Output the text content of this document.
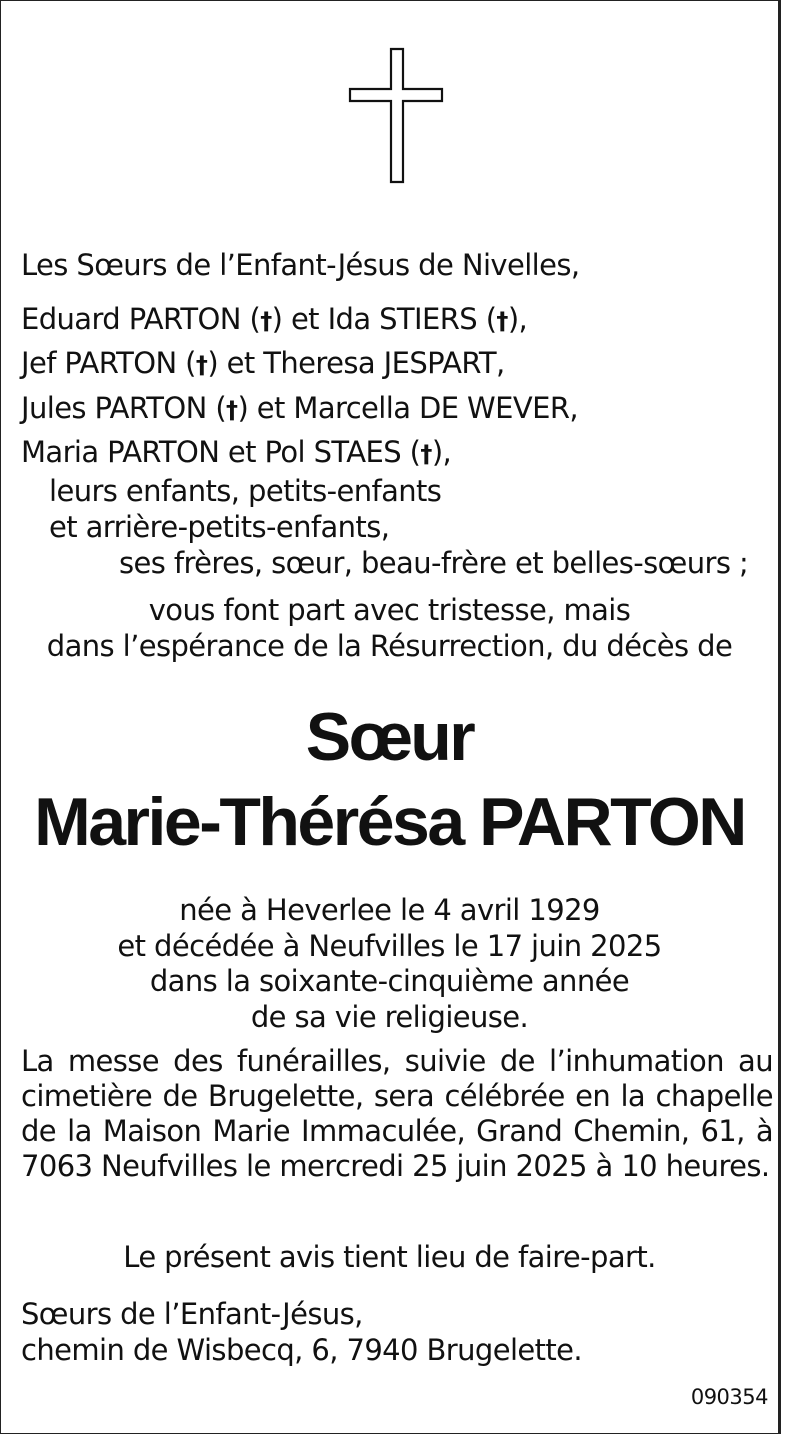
Les Sœurs de l’Enfant-Jésus de Nivelles,
Eduard PARTON (†) et Ida STIERS (†),
Jef PARTON (†) et Theresa JESPART,
Jules PARTON (†) et Marcella DE WEVER,
Maria PARTON et Pol STAES (†),
leurs enfants, petits-enfants
et arrière-petits-enfants,
ses frères, sœur, beau-frère et belles-sœurs ;
vous font part avec tristesse, mais
dans l’espérance de la Résurrection, du décès de
Sœur
Marie-Thérésa PARTON
née à Heverlee le 4 avril 1929
et décédée à Neufvilles le 17 juin 2025
dans la soixante-cinquième année
de sa vie religieuse.
La messe des funérailles, suivie de l’inhumation au cimetière de Brugelette, sera célébrée en la chapelle de la Maison Marie Immaculée, Grand Chemin, 61, à 7063 Neufvilles le mercredi 25 juin 2025 à 10 heures.
Le présent avis tient lieu de faire-part.
Sœurs de l’Enfant-Jésus,
chemin de Wisbecq, 6, 7940 Brugelette.
090354
